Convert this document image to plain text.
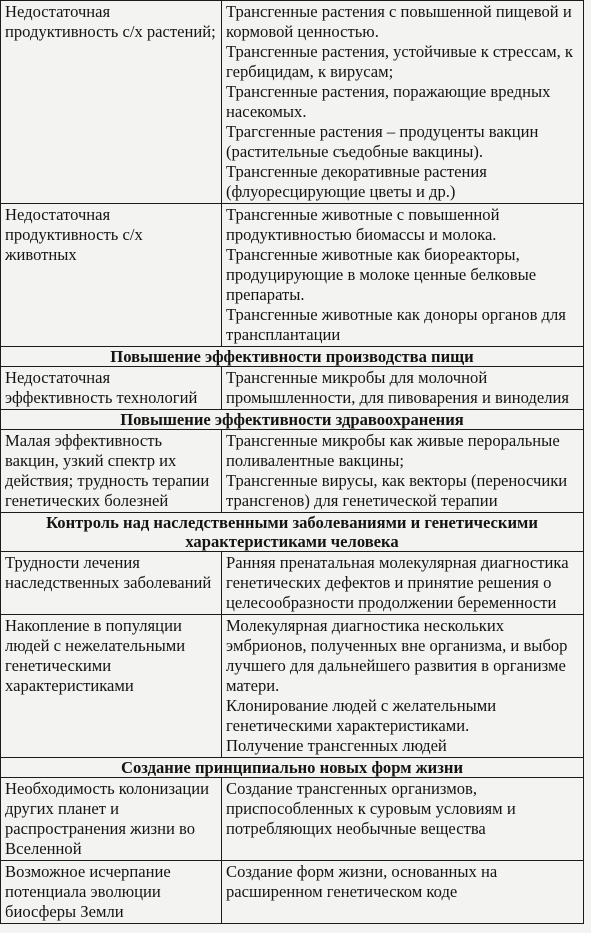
Недостаточная продуктивность с/х растений;	Трансгенные растения с повышенной пищевой и кормовой ценностью.
Трансгенные растения, устойчивые к стрессам, к гербицидам, к вирусам;
Трансгенные растения, поражающие вредных насекомых.
Трагсгенные растения – продуценты вакцин (растительные съедобные вакцины).
Трансгенные декоративные растения (флуоресцирующие цветы и др.)

Недостаточная продуктивность с/х животных	Трансгенные животные с повышенной продуктивностью биомассы и молока.
Трансгенные животные как биореакторы, продуцирующие в молоке ценные белковые препараты.
Трансгенные животные как доноры органов для трансплантации

Повышение эффективности производства пищи	
Недостаточная эффективность технологий	Трансгенные микробы для молочной промышленности, для пивоварения и виноделия

Повышение эффективности здравоохранения	
Малая эффективность вакцин, узкий спектр их действия; трудность терапии генетических болезней	Трансгенные микробы как живые пероральные поливалентные вакцины;
Трансгенные вирусы, как векторы (переносчики трансгенов) для генетической терапии

Контроль над наследственными заболеваниями и генетическими характеристиками человека	
Трудности лечения наследственных заболеваний	Ранняя пренатальная молекулярная диагностика генетических дефектов и принятие решения о целесообразности продолжении беременности

Накопление в популяции людей с нежелательными генетическими характеристиками	Молекулярная диагностика нескольких эмбрионов, полученных вне организма, и выбор лучшего для дальнейшего развития в организме матери.
Клонирование людей с желательными генетическими характеристиками.
Получение трансгенных людей

Создание принципиально новых форм жизни	
Необходимость колонизации других планет и распространения жизни во Вселенной	Создание трансгенных организмов, приспособленных к суровым условиям и потребляющих необычные вещества

Возможное исчерпание потенциала эволюции биосферы Земли	Создание форм жизни, основанных на расширенном генетическом коде
